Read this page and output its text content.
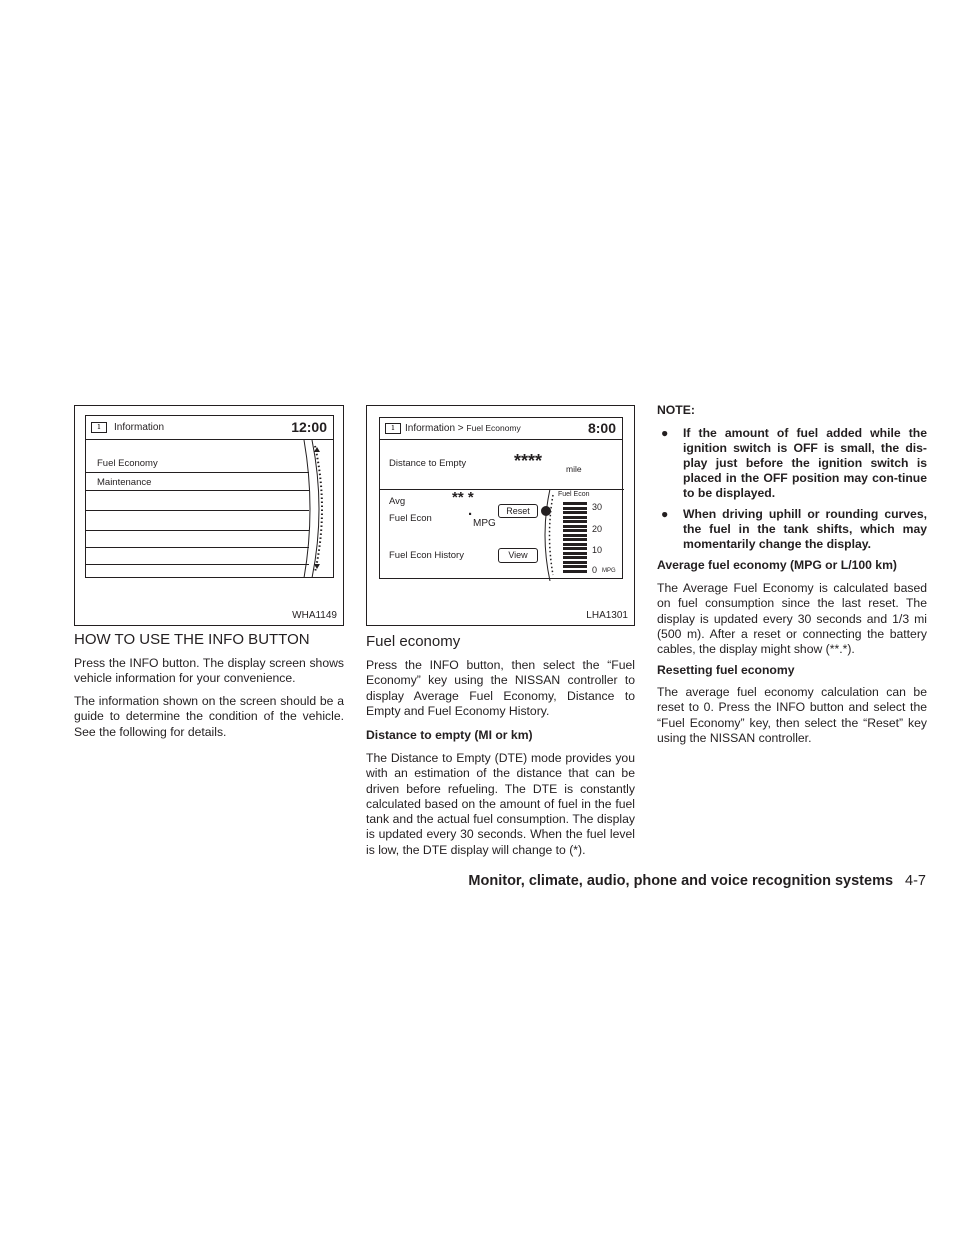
i	Information	12:00
Fuel Economy
Maintenance
WHA1149
i	Information > Fuel Economy	8:00
Distance to Empty	****	mile
Avg
Fuel Econ
** *
.
MPG
Reset
Fuel Econ History	View
Fuel Econ
30
20
10
0 MPG
LHA1301
HOW TO USE THE INFO BUTTON

Press the INFO button. The display screen shows vehicle information for your convenience.

The information shown on the screen should be a guide to determine the condition of the vehicle. See the following for details.

Fuel economy

Press the INFO button, then select the “Fuel Economy” key using the NISSAN controller to display Average Fuel Economy, Distance to Empty and Fuel Economy History.

Distance to empty (MI or km)

The Distance to Empty (DTE) mode provides you with an estimation of the distance that can be driven before refueling. The DTE is constantly calculated based on the amount of fuel in the fuel tank and the actual fuel consumption. The display is updated every 30 seconds. When the fuel level is low, the DTE display will change to (*).

NOTE:
● If the amount of fuel added while the ignition switch is OFF is small, the dis-play just before the ignition switch is placed in the OFF position may con-tinue to be displayed.
● When driving uphill or rounding curves, the fuel in the tank shifts, which may momentarily change the display.
Average fuel economy (MPG or L/100 km)

The Average Fuel Economy is calculated based on fuel consumption since the last reset. The display is updated every 30 seconds and 1/3 mi (500 m). After a reset or connecting the battery cables, the display might show (**.*).

Resetting fuel economy

The average fuel economy calculation can be reset to 0. Press the INFO button and select the “Fuel Economy” key, then select the “Reset” key using the NISSAN controller.

Monitor, climate, audio, phone and voice recognition systems 4-7
